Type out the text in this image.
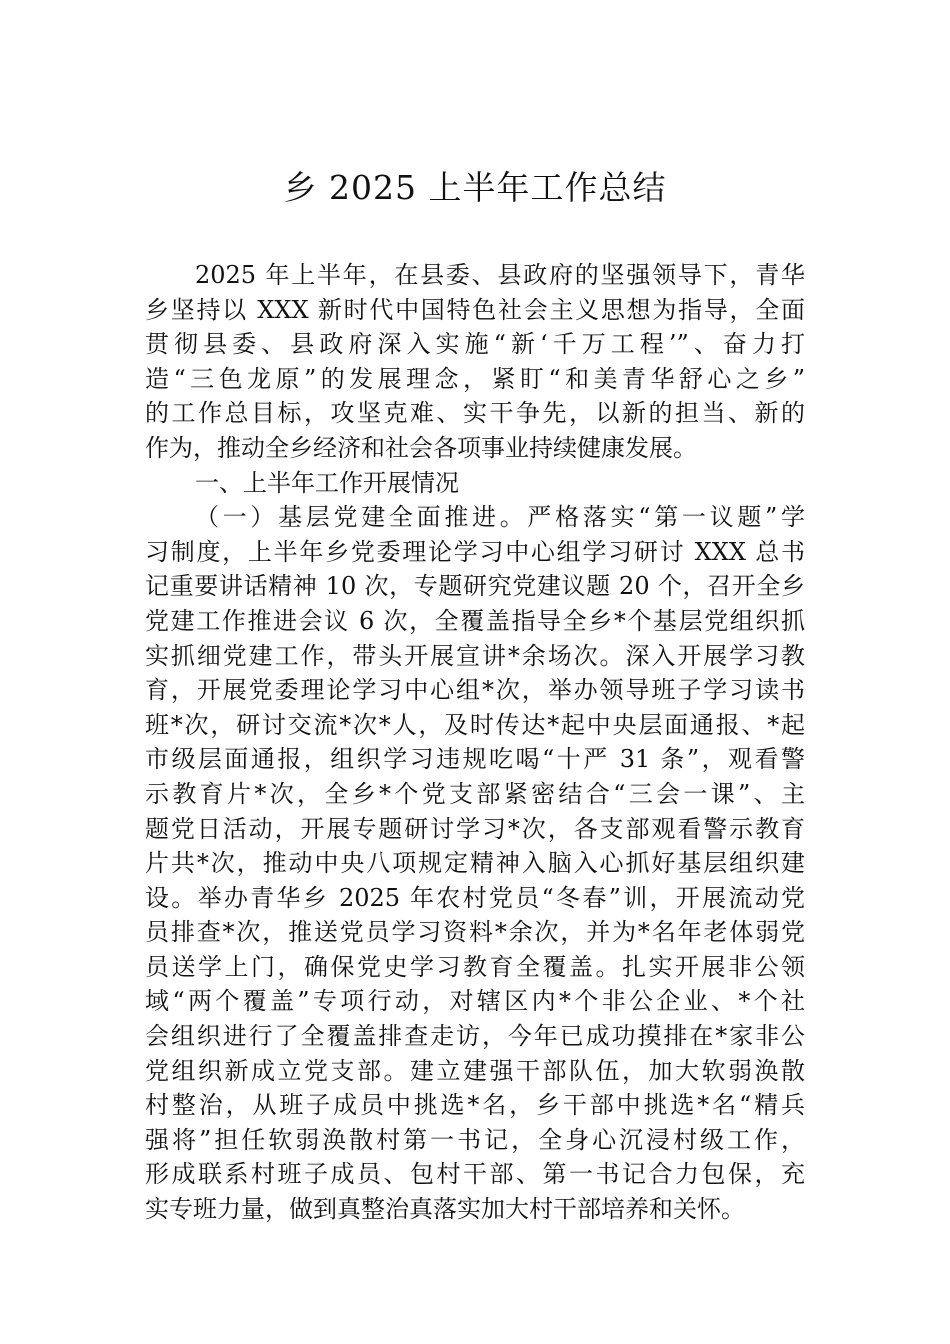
乡 2025 上半年工作总结
2025 年上半年，在县委、县政府的坚强领导下，青华
乡坚持以 XXX 新时代中国特色社会主义思想为指导，全面
贯彻县委、县政府深入实施“新‘千万工程’”、奋力打
造“三色龙原”的发展理念，紧盯“和美青华舒心之乡”
的工作总目标，攻坚克难、实干争先，以新的担当、新的
作为，推动全乡经济和社会各项事业持续健康发展。
一、上半年工作开展情况
（一）基层党建全面推进。严格落实“第一议题”学
习制度，上半年乡党委理论学习中心组学习研讨 XXX 总书
记重要讲话精神 10 次，专题研究党建议题 20 个，召开全乡
党建工作推进会议 6 次，全覆盖指导全乡*个基层党组织抓
实抓细党建工作，带头开展宣讲*余场次。深入开展学习教
育，开展党委理论学习中心组*次，举办领导班子学习读书
班*次，研讨交流*次*人，及时传达*起中央层面通报、*起
市级层面通报，组织学习违规吃喝“十严 31 条”，观看警
示教育片*次，全乡*个党支部紧密结合“三会一课”、主
题党日活动，开展专题研讨学习*次，各支部观看警示教育
片共*次，推动中央八项规定精神入脑入心抓好基层组织建
设。举办青华乡 2025 年农村党员“冬春”训，开展流动党
员排查*次，推送党员学习资料*余次，并为*名年老体弱党
员送学上门，确保党史学习教育全覆盖。扎实开展非公领
域“两个覆盖”专项行动，对辖区内*个非公企业、*个社
会组织进行了全覆盖排查走访，今年已成功摸排在*家非公
党组织新成立党支部。建立建强干部队伍，加大软弱涣散
村整治，从班子成员中挑选*名，乡干部中挑选*名“精兵
强将”担任软弱涣散村第一书记，全身心沉浸村级工作，
形成联系村班子成员、包村干部、第一书记合力包保，充
实专班力量，做到真整治真落实加大村干部培养和关怀。
